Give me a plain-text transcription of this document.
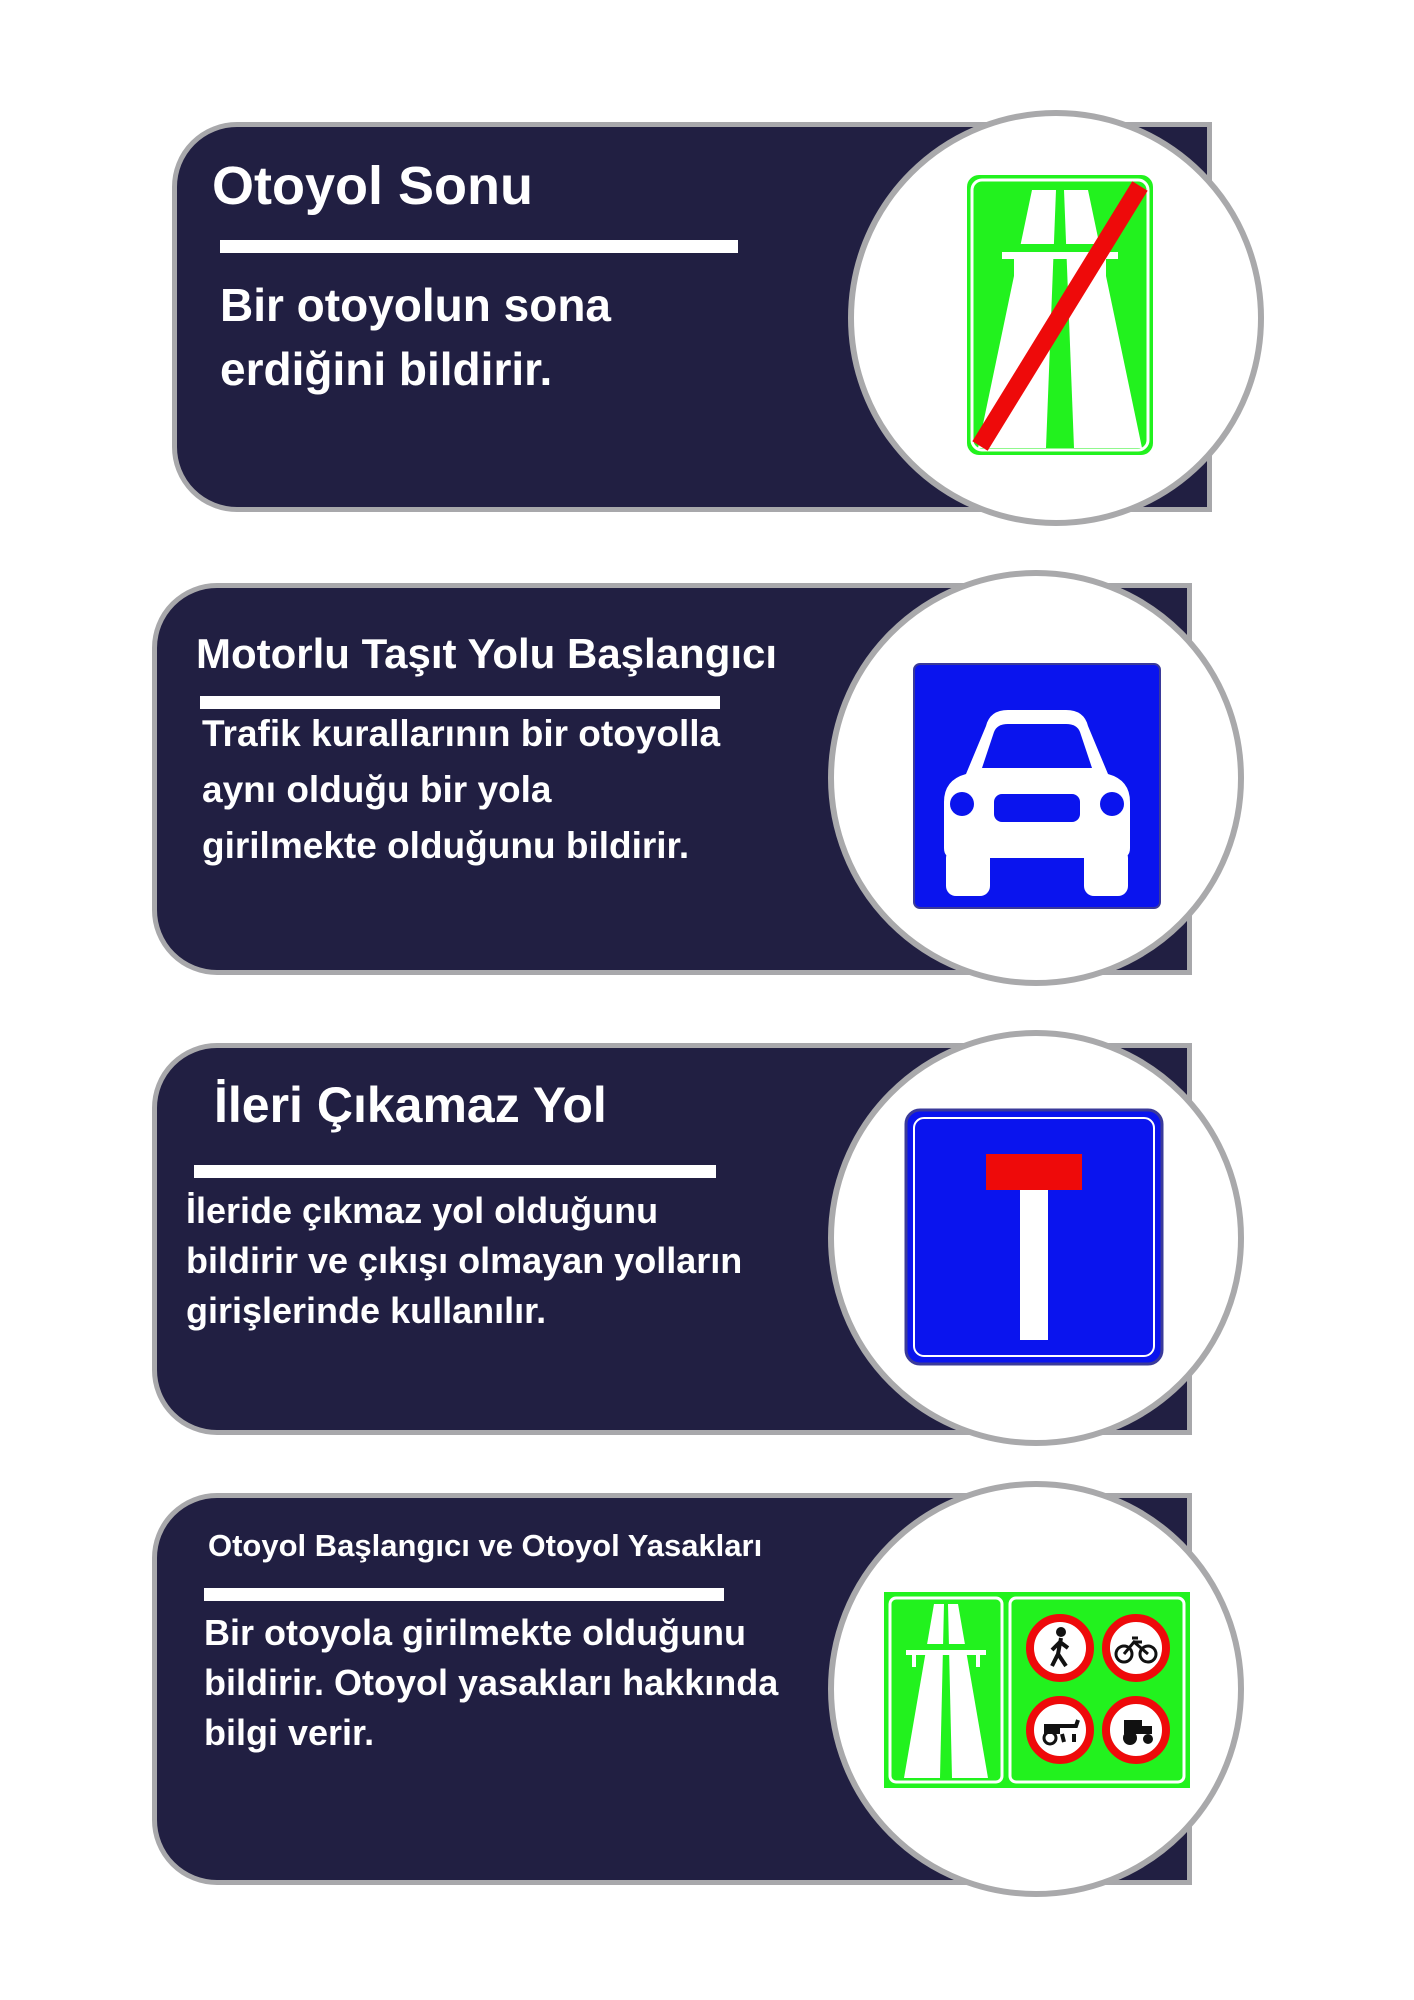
Otoyol Sonu
Bir otoyolun sona
erdiğini bildirir.
Motorlu Taşıt Yolu Başlangıcı
Trafik kurallarının bir otoyolla
aynı olduğu bir yola
girilmekte olduğunu bildirir.
İleri Çıkamaz Yol
İleride çıkmaz yol olduğunu
bildirir ve çıkışı olmayan yolların
girişlerinde kullanılır.
Otoyol Başlangıcı ve Otoyol Yasakları
Bir otoyola girilmekte olduğunu
bildirir. Otoyol yasakları hakkında
bilgi verir.
